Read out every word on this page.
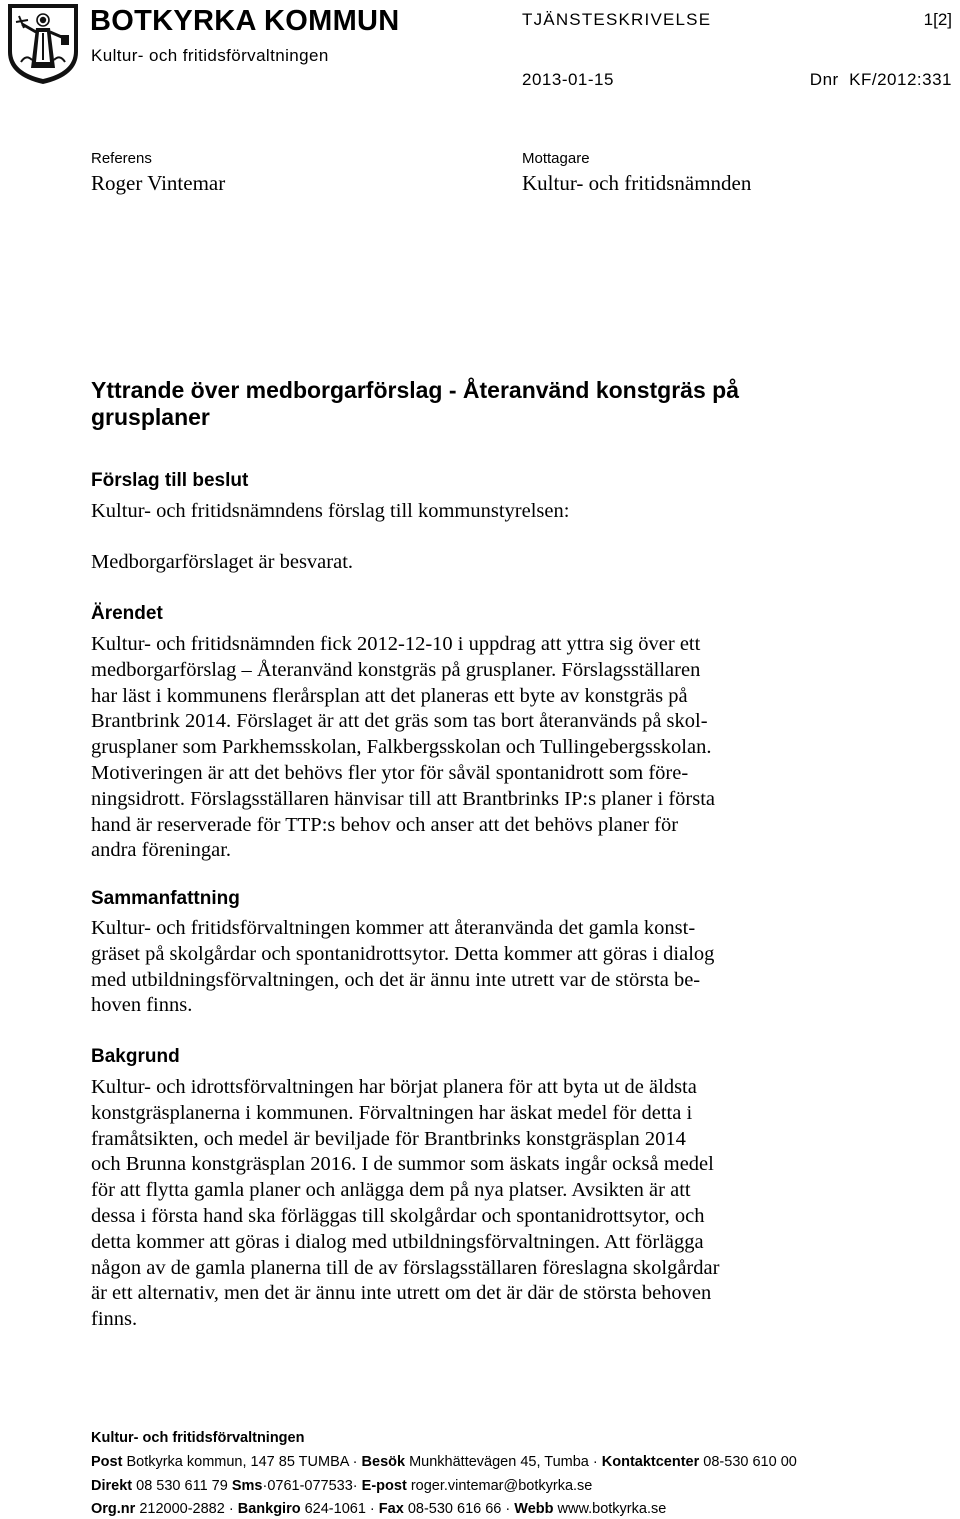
BOTKYRKA KOMMUN
Kultur- och fritidsförvaltningen
TJÄNSTESKRIVELSE	1[2]
2013-01-15	Dnr  KF/2012:331
Referens
Roger Vintemar
Mottagare
Kultur- och fritidsnämnden
Yttrande över medborgarförslag - Återanvänd konstgräs på grusplaner
Förslag till beslut
Kultur- och fritidsnämndens förslag till kommunstyrelsen:
Medborgarförslaget är besvarat.
Ärendet
Kultur- och fritidsnämnden fick 2012-12-10 i uppdrag att yttra sig över ett
medborgarförslag – Återanvänd konstgräs på grusplaner. Förslagsställaren
har läst i kommunens flerårsplan att det planeras ett byte av konstgräs på
Brantbrink 2014. Förslaget är att det gräs som tas bort återanvänds på skol-
grusplaner som Parkhemsskolan, Falkbergsskolan och Tullingebergsskolan.
Motiveringen är att det behövs fler ytor för såväl spontanidrott som före-
ningsidrott. Förslagsställaren hänvisar till att Brantbrinks IP:s planer i första
hand är reserverade för TTP:s behov och anser att det behövs planer för
andra föreningar.
Sammanfattning
Kultur- och fritidsförvaltningen kommer att återanvända det gamla konst-
gräset på skolgårdar och spontanidrottsytor. Detta kommer att göras i dialog
med utbildningsförvaltningen, och det är ännu inte utrett var de största be-
hoven finns.
Bakgrund
Kultur- och idrottsförvaltningen har börjat planera för att byta ut de äldsta
konstgräsplanerna i kommunen. Förvaltningen har äskat medel för detta i
framåtsikten, och medel är beviljade för Brantbrinks konstgräsplan 2014
och Brunna konstgräsplan 2016. I de summor som äskats ingår också medel
för att flytta gamla planer och anlägga dem på nya platser. Avsikten är att
dessa i första hand ska förläggas till skolgårdar och spontanidrottsytor, och
detta kommer att göras i dialog med utbildningsförvaltningen. Att förlägga
någon av de gamla planerna till de av förslagsställaren föreslagna skolgårdar
är ett alternativ, men det är ännu inte utrett om det är där de största behoven
finns.
Kultur- och fritidsförvaltningen
Post Botkyrka kommun, 147 85 TUMBA · Besök Munkhättevägen 45, Tumba · Kontaktcenter 08-530 610 00
Direkt 08 530 611 79 Sms·0761-077533· E-post roger.vintemar@botkyrka.se
Org.nr 212000-2882 · Bankgiro 624-1061 · Fax 08-530 616 66 · Webb www.botkyrka.se
